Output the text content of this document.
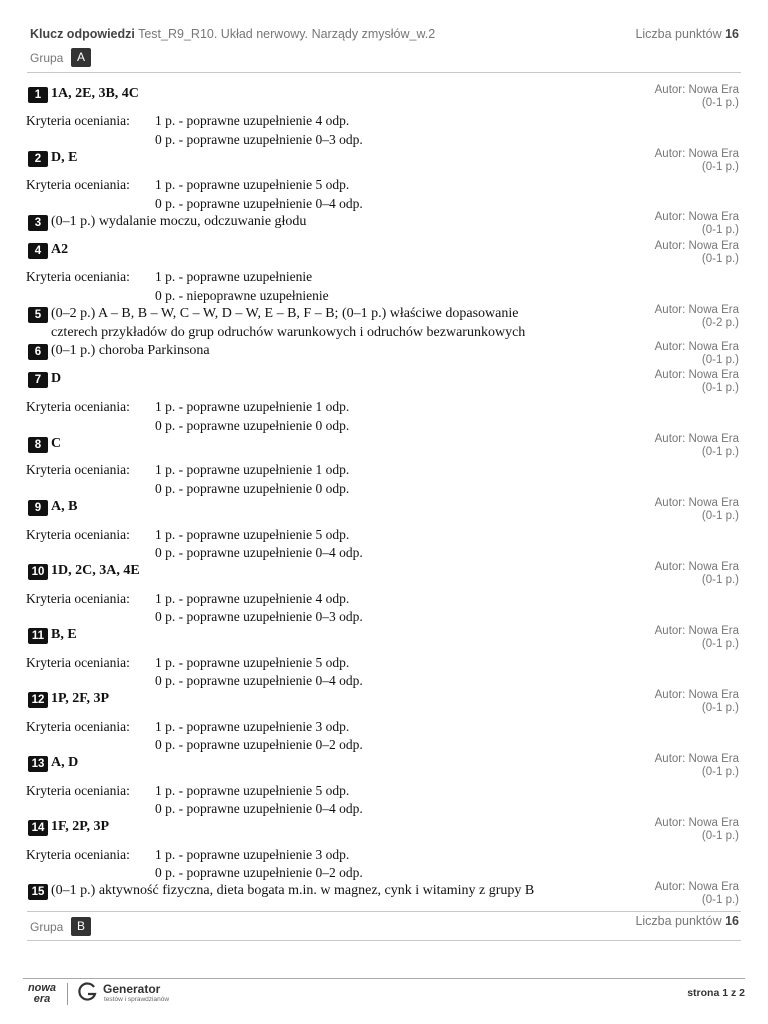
Klucz odpowiedzi Test_R9_R10. Układ nerwowy. Narządy zmysłów_w.2	Liczba punktów 16
Grupa	A
1 1A, 2E, 3B, 4C	Autor: Nowa Era
(0-1 p.)
Kryteria oceniania: 1 p. - poprawne uzupełnienie 4 odp.
0 p. - poprawne uzupełnienie 0–3 odp.
2 D, E	Autor: Nowa Era
(0-1 p.)
Kryteria oceniania: 1 p. - poprawne uzupełnienie 5 odp.
0 p. - poprawne uzupełnienie 0–4 odp.
3 (0–1 p.) wydalanie moczu, odczuwanie głodu	Autor: Nowa Era
(0-1 p.)
4 A2	Autor: Nowa Era
(0-1 p.)
Kryteria oceniania: 1 p. - poprawne uzupełnienie
0 p. - niepoprawne uzupełnienie
5 (0–2 p.) A – B, B – W, C – W, D – W, E – B, F – B; (0–1 p.) właściwe dopasowanie
czterech przykładów do grup odruchów warunkowych i odruchów bezwarunkowych
Autor: Nowa Era
(0-2 p.)
6 (0–1 p.) choroba Parkinsona	Autor: Nowa Era
(0-1 p.)
7 D	Autor: Nowa Era
(0-1 p.)
Kryteria oceniania: 1 p. - poprawne uzupełnienie 1 odp.
0 p. - poprawne uzupełnienie 0 odp.
8 C	Autor: Nowa Era
(0-1 p.)
Kryteria oceniania: 1 p. - poprawne uzupełnienie 1 odp.
0 p. - poprawne uzupełnienie 0 odp.
9 A, B	Autor: Nowa Era
(0-1 p.)
Kryteria oceniania: 1 p. - poprawne uzupełnienie 5 odp.
0 p. - poprawne uzupełnienie 0–4 odp.
10 1D, 2C, 3A, 4E	Autor: Nowa Era
(0-1 p.)
Kryteria oceniania: 1 p. - poprawne uzupełnienie 4 odp.
0 p. - poprawne uzupełnienie 0–3 odp.
11 B, E	Autor: Nowa Era
(0-1 p.)
Kryteria oceniania: 1 p. - poprawne uzupełnienie 5 odp.
0 p. - poprawne uzupełnienie 0–4 odp.
12 1P, 2F, 3P	Autor: Nowa Era
(0-1 p.)
Kryteria oceniania: 1 p. - poprawne uzupełnienie 3 odp.
0 p. - poprawne uzupełnienie 0–2 odp.
13 A, D	Autor: Nowa Era
(0-1 p.)
Kryteria oceniania: 1 p. - poprawne uzupełnienie 5 odp.
0 p. - poprawne uzupełnienie 0–4 odp.
14 1F, 2P, 3P	Autor: Nowa Era
(0-1 p.)
Kryteria oceniania: 1 p. - poprawne uzupełnienie 3 odp.
0 p. - poprawne uzupełnienie 0–2 odp.
15 (0–1 p.) aktywność fizyczna, dieta bogata m.in. w magnez, cynk i witaminy z grupy B	Autor: Nowa Era
(0-1 p.)
Grupa	B	Liczba punktów 16
nowa
era
Generator
testów i sprawdzianów
strona 1 z 2
